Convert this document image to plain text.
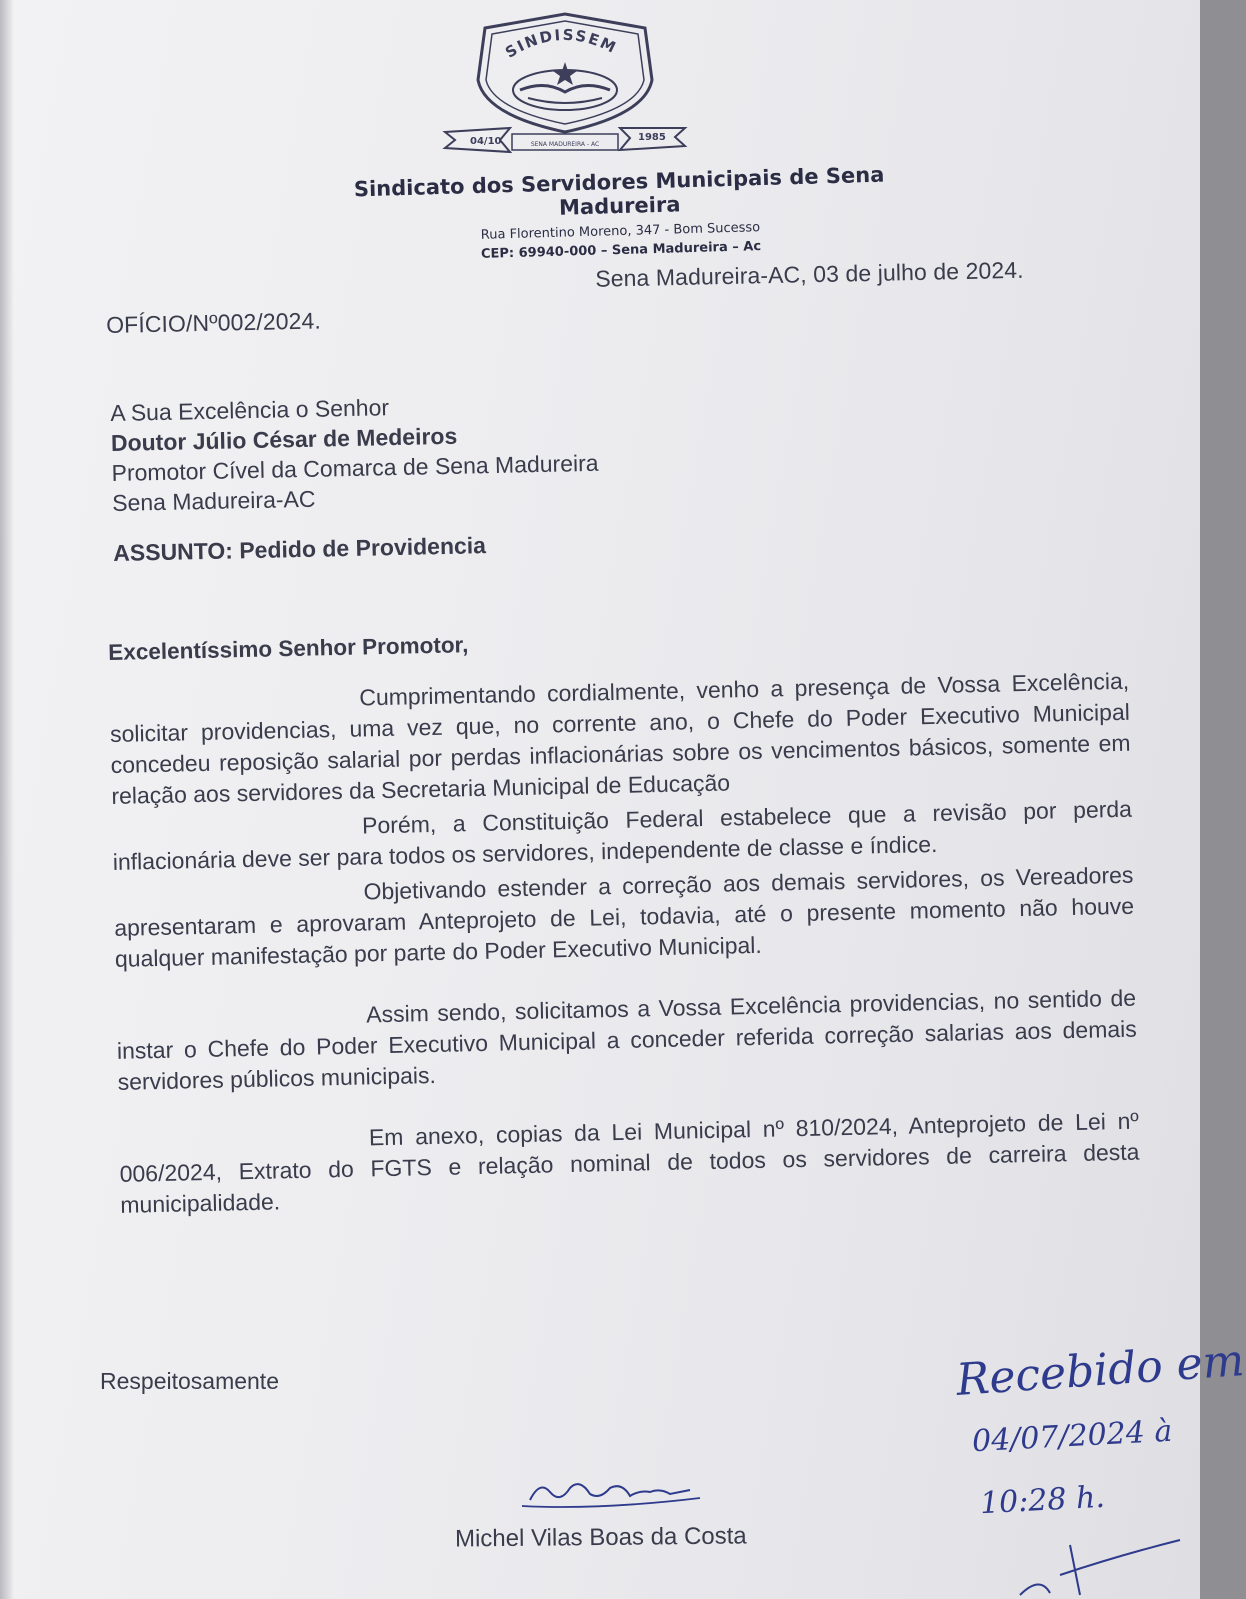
SINDISSEM
04/10	SENA MADUREIRA - AC
1985
Sindicato dos Servidores Municipais de Sena Madureira
Rua Florentino Moreno, 347 - Bom Sucesso
CEP: 69940-000 – Sena Madureira – Ac
Sena Madureira-AC, 03 de julho de 2024.
OFÍCIO/Nº002/2024.
A Sua Excelência o Senhor
Doutor Júlio César de Medeiros
Promotor Cível da Comarca de Sena Madureira
Sena Madureira-AC
ASSUNTO: Pedido de Providencia
Excelentíssimo Senhor Promotor,

Cumprimentando cordialmente, venho a presença de Vossa Excelência, solicitar providencias, uma vez que, no corrente ano, o Chefe do Poder Executivo Municipal concedeu reposição salarial por perdas inflacionárias sobre os vencimentos básicos, somente em relação aos servidores da Secretaria Municipal de Educação

Porém, a Constituição Federal estabelece que a revisão por perda inflacionária deve ser para todos os servidores, independente de classe e índice.

Objetivando estender a correção aos demais servidores, os Vereadores apresentaram e aprovaram Anteprojeto de Lei, todavia, até o presente momento não houve qualquer manifestação por parte do Poder Executivo Municipal.

Assim sendo, solicitamos a Vossa Excelência providencias, no sentido de instar o Chefe do Poder Executivo Municipal a conceder referida correção salarias aos demais servidores públicos municipais.

Em anexo, copias da Lei Municipal nº 810/2024, Anteprojeto de Lei nº 006/2024, Extrato do FGTS e relação nominal de todos os servidores de carreira desta municipalidade.

Respeitosamente
Michel Vilas Boas da Costa
Recebido em
04/07/2024 à
10:28 h.
